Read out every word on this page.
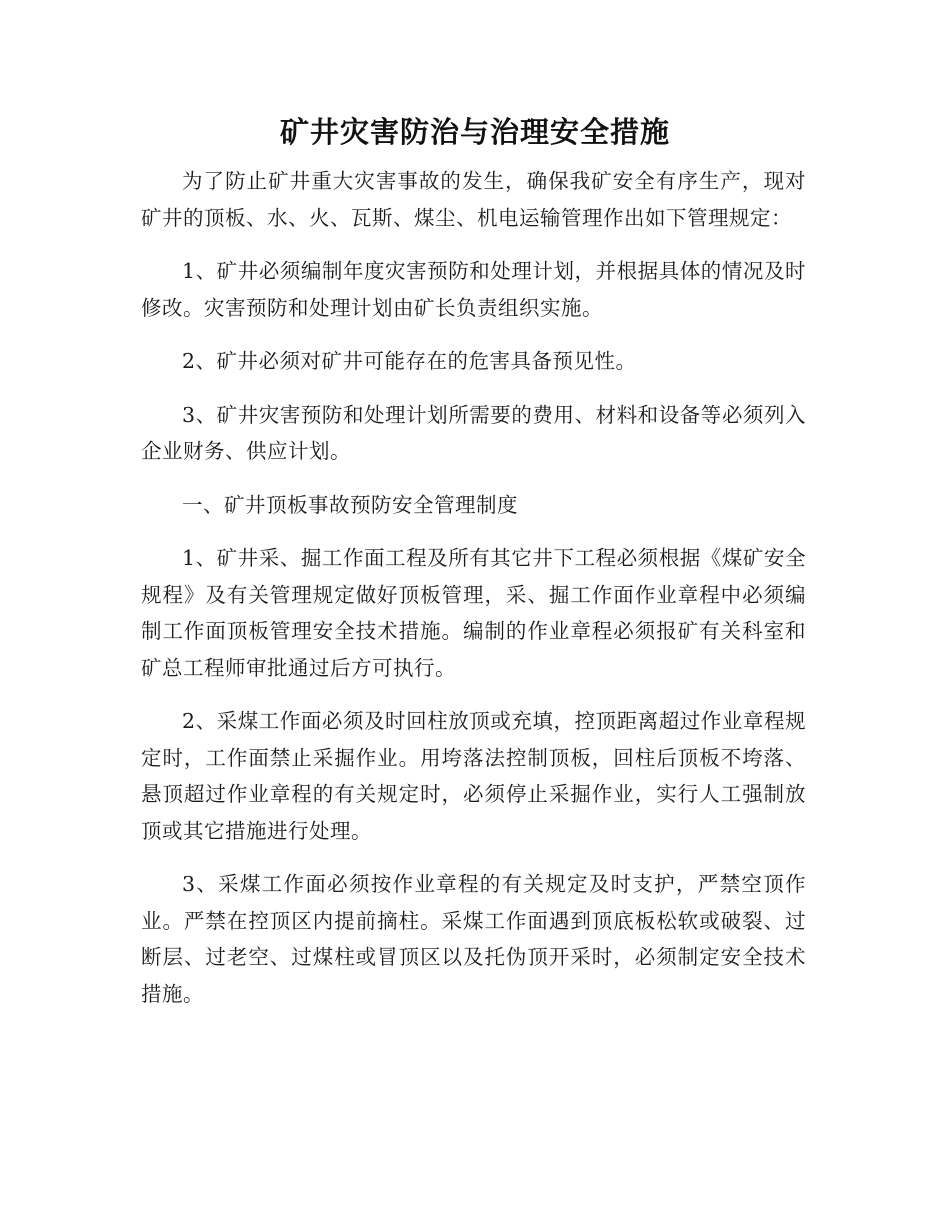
矿井灾害防治与治理安全措施

为了防止矿井重大灾害事故的发生，确保我矿安全有序生产，现对矿井的顶板、水、火、瓦斯、煤尘、机电运输管理作出如下管理规定：

1、矿井必须编制年度灾害预防和处理计划，并根据具体的情况及时修改。灾害预防和处理计划由矿长负责组织实施。

2、矿井必须对矿井可能存在的危害具备预见性。

3、矿井灾害预防和处理计划所需要的费用、材料和设备等必须列入企业财务、供应计划。

一、矿井顶板事故预防安全管理制度

1、矿井采、掘工作面工程及所有其它井下工程必须根据《煤矿安全规程》及有关管理规定做好顶板管理，采、掘工作面作业章程中必须编制工作面顶板管理安全技术措施。编制的作业章程必须报矿有关科室和矿总工程师审批通过后方可执行。

2、采煤工作面必须及时回柱放顶或充填，控顶距离超过作业章程规定时，工作面禁止采掘作业。用垮落法控制顶板，回柱后顶板不垮落、悬顶超过作业章程的有关规定时，必须停止采掘作业，实行人工强制放顶或其它措施进行处理。

3、采煤工作面必须按作业章程的有关规定及时支护，严禁空顶作业。严禁在控顶区内提前摘柱。采煤工作面遇到顶底板松软或破裂、过断层、过老空、过煤柱或冒顶区以及托伪顶开采时，必须制定安全技术措施。
